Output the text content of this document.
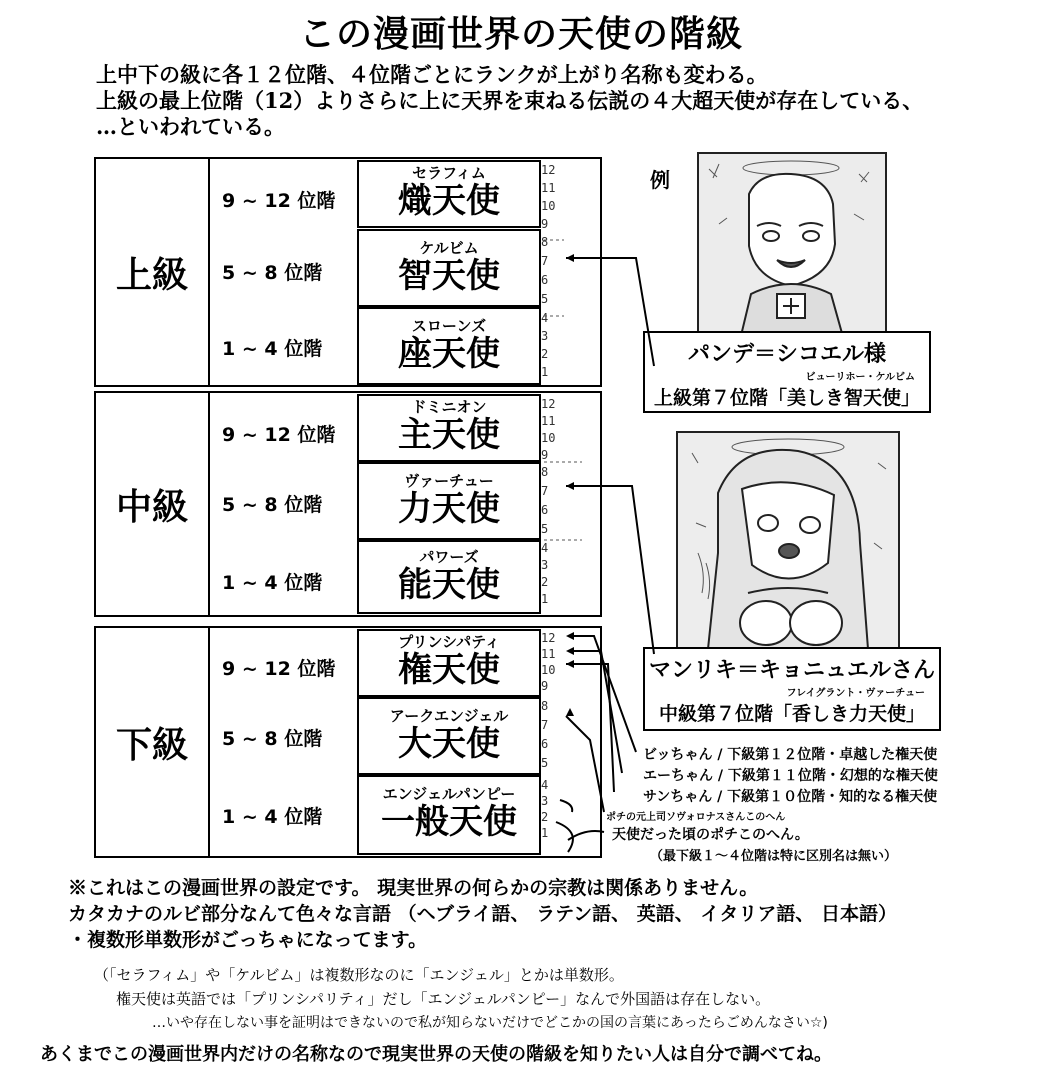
この漫画世界の天使の階級
上中下の級に各１２位階、４位階ごとにランクが上がり名称も変わる。
上級の最上位階（12）よりさらに上に天界を束ねる伝説の４大超天使が存在している、
…といわれている。
上級
9 ~ 12 位階
5 ~ 8 位階
1 ~ 4 位階
セラフィム
熾天使
ケルビム
智天使
スローンズ
座天使
中級
9 ~ 12 位階
5 ~ 8 位階
1 ~ 4 位階
ドミニオン
主天使
ヴァーチュー
力天使
パワーズ
能天使
下級
9 ~ 12 位階
5 ~ 8 位階
1 ~ 4 位階
プリンシパティ
権天使
アークエンジェル
大天使
エンジェルパンピー
一般天使
12
11
10
9
8
7
6
5
4
3
2
1
12
11
10
9
8
7
6
5
4
3
2
1
12
11
10
9
8
7
6
5
4
3
2
1
例
パンデ＝シコエル様
ビューリホー・ケルビム
上級第７位階「美しき智天使」
マンリキ＝キョニュエルさん
フレイグラント・ヴァーチュー
中級第７位階「香しき力天使」
ビッちゃん / 下級第１２位階・卓越した権天使
エーちゃん / 下級第１１位階・幻想的な権天使
サンちゃん / 下級第１０位階・知的なる権天使
ポチの元上司ソヴォロナスさんこのへん
天使だった頃のポチこのへん。
（最下級１～４位階は特に区別名は無い）
※これはこの漫画世界の設定です。 現実世界の何らかの宗教は関係ありません。
カタカナのルビ部分なんて色々な言語 （ヘブライ語、 ラテン語、 英語、 イタリア語、 日本語）
・複数形単数形がごっちゃになってます。
（「セラフィム」や「ケルビム」は複数形なのに「エンジェル」とかは単数形。
権天使は英語では「プリンシパリティ」だし「エンジェルパンピー」なんで外国語は存在しない。
…いや存在しない事を証明はできないので私が知らないだけでどこかの国の言葉にあったらごめんなさい☆)
あくまでこの漫画世界内だけの名称なので現実世界の天使の階級を知りたい人は自分で調べてね。
